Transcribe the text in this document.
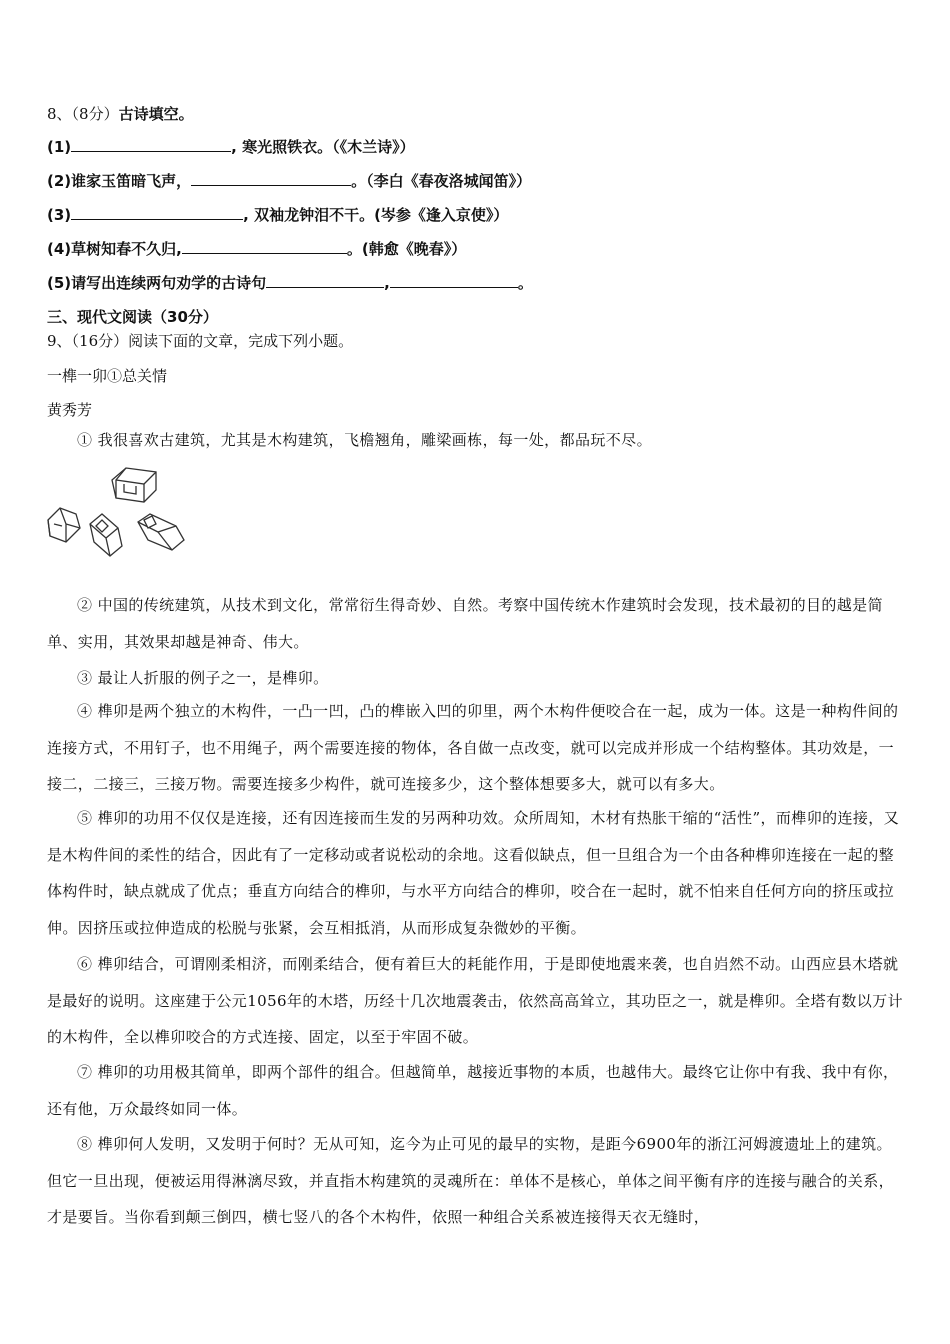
8、（8分）古诗填空。
(1)	, 寒光照铁衣。（《木兰诗》）
(2)谁家玉笛暗飞声，	。（李白《春夜洛城闻笛》）
(3)	, 双袖龙钟泪不干。(岑参《逢入京使》）
(4)草树知春不久归,	。(韩愈《晚春》）
(5)请写出连续两句劝学的古诗句	,	。
三、现代文阅读（30分）
9、（16分）阅读下面的文章，完成下列小题。
一榫一卯①总关情
黄秀芳
① 我很喜欢古建筑，尤其是木构建筑，飞檐翘角，雕梁画栋，每一处，都品玩不尽。
② 中国的传统建筑，从技术到文化，常常衍生得奇妙、自然。考察中国传统木作建筑时会发现，技术最初的目的越是简单、实用，其效果却越是神奇、伟大。
③ 最让人折服的例子之一，是榫卯。
④ 榫卯是两个独立的木构件，一凸一凹，凸的榫嵌入凹的卯里，两个木构件便咬合在一起，成为一体。这是一种构件间的连接方式，不用钉子，也不用绳子，两个需要连接的物体，各自做一点改变，就可以完成并形成一个结构整体。其功效是，一接二，二接三，三接万物。需要连接多少构件，就可连接多少，这个整体想要多大，就可以有多大。
⑤ 榫卯的功用不仅仅是连接，还有因连接而生发的另两种功效。众所周知，木材有热胀干缩的“活性”，而榫卯的连接，又是木构件间的柔性的结合，因此有了一定移动或者说松动的余地。这看似缺点，但一旦组合为一个由各种榫卯连接在一起的整体构件时，缺点就成了优点；垂直方向结合的榫卯，与水平方向结合的榫卯，咬合在一起时，就不怕来自任何方向的挤压或拉伸。因挤压或拉伸造成的松脱与张紧，会互相抵消，从而形成复杂微妙的平衡。
⑥ 榫卯结合，可谓刚柔相济，而刚柔结合，便有着巨大的耗能作用，于是即使地震来袭，也自岿然不动。山西应县木塔就是最好的说明。这座建于公元1056年的木塔，历经十几次地震袭击，依然高高耸立，其功臣之一，就是榫卯。全塔有数以万计的木构件，全以榫卯咬合的方式连接、固定，以至于牢固不破。
⑦ 榫卯的功用极其简单，即两个部件的组合。但越简单，越接近事物的本质，也越伟大。最终它让你中有我、我中有你，还有他，万众最终如同一体。
⑧ 榫卯何人发明，又发明于何时？无从可知，迄今为止可见的最早的实物，是距今6900年的浙江河姆渡遗址上的建筑。但它一旦出现，便被运用得淋漓尽致，并直指木构建筑的灵魂所在：单体不是核心，单体之间平衡有序的连接与融合的关系，才是要旨。当你看到颠三倒四，横七竖八的各个木构件，依照一种组合关系被连接得天衣无缝时，
